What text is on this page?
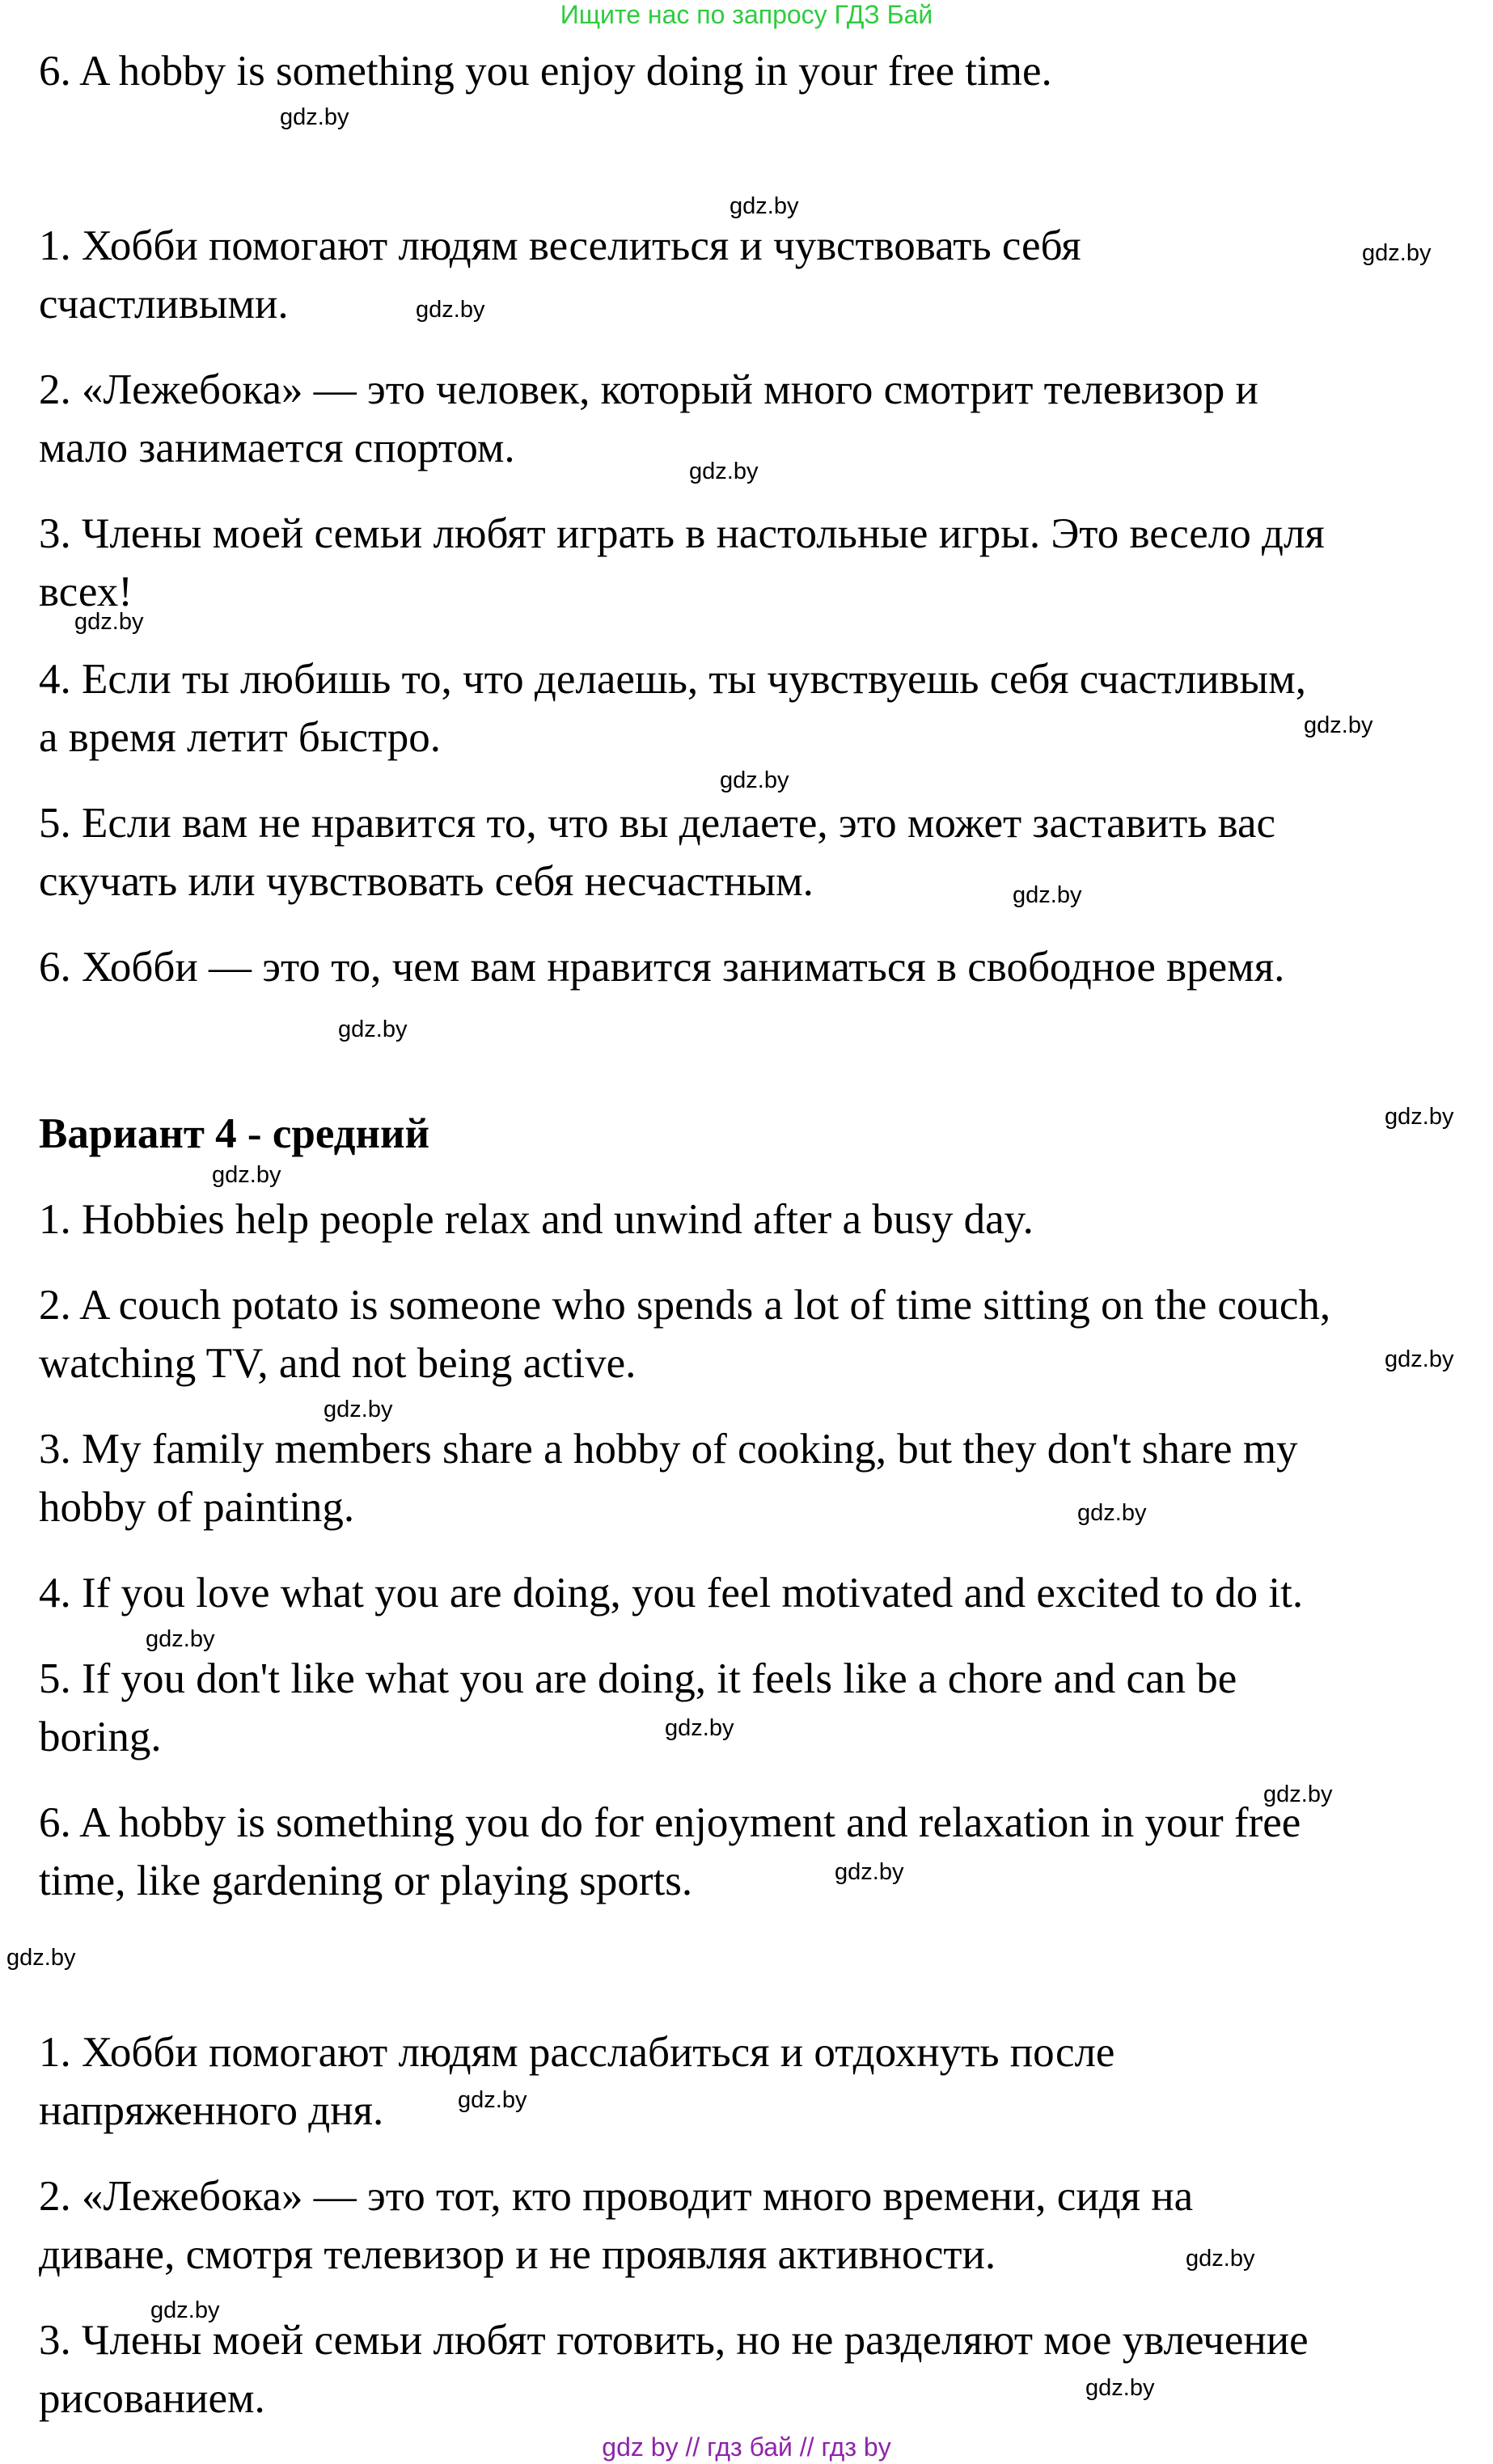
Ищите нас по запросу ГДЗ Бай
6. A hobby is something you enjoy doing in your free time.
1. Хобби помогают людям веселиться и чувствовать себя
счастливыми.
2. «Лежебока» — это человек, который много смотрит телевизор и
мало занимается спортом.
3. Члены моей семьи любят играть в настольные игры. Это весело для
всех!
4. Если ты любишь то, что делаешь, ты чувствуешь себя счастливым,
а время летит быстро.
5. Если вам не нравится то, что вы делаете, это может заставить вас
скучать или чувствовать себя несчастным.
6. Хобби — это то, чем вам нравится заниматься в свободное время.
Вариант 4 - средний
1. Hobbies help people relax and unwind after a busy day.
2. A couch potato is someone who spends a lot of time sitting on the couch,
watching TV, and not being active.
3. My family members share a hobby of cooking, but they don't share my
hobby of painting.
4. If you love what you are doing, you feel motivated and excited to do it.
5. If you don't like what you are doing, it feels like a chore and can be
boring.
6. A hobby is something you do for enjoyment and relaxation in your free
time, like gardening or playing sports.
1. Хобби помогают людям расслабиться и отдохнуть после
напряженного дня.
2. «Лежебока» — это тот, кто проводит много времени, сидя на
диване, смотря телевизор и не проявляя активности.
3. Члены моей семьи любят готовить, но не разделяют мое увлечение
рисованием.
gdz.by
gdz.by
gdz.by
gdz.by
gdz.by
gdz.by
gdz.by
gdz.by
gdz.by
gdz.by
gdz.by
gdz.by
gdz.by
gdz.by
gdz.by
gdz.by
gdz.by
gdz.by
gdz.by
gdz.by
gdz.by
gdz.by
gdz.by
gdz.by
gdz by // гдз бай // гдз by
